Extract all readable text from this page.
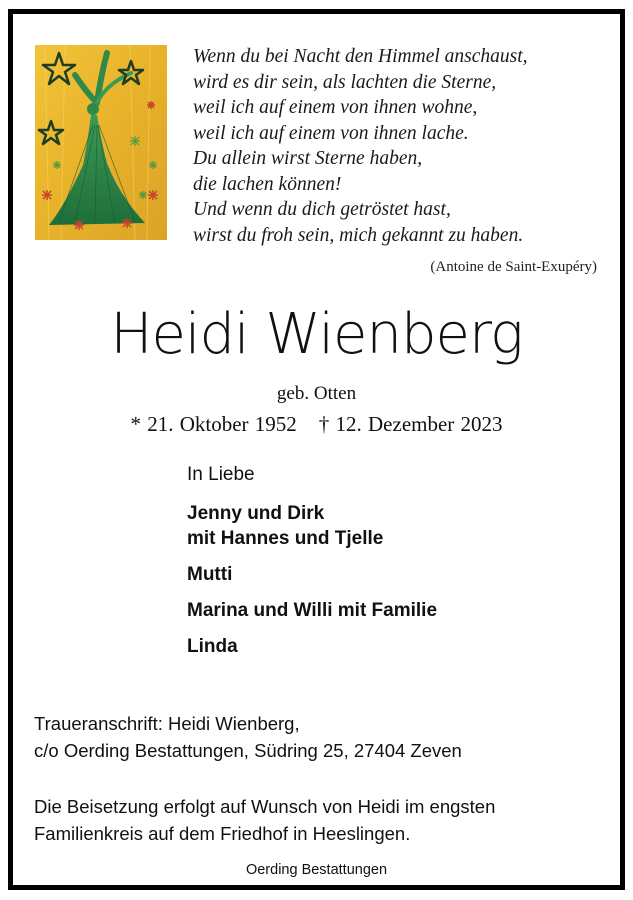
Wenn du bei Nacht den Himmel anschaust,
wird es dir sein, als lachten die Sterne,
weil ich auf einem von ihnen wohne,
weil ich auf einem von ihnen lache.
Du allein wirst Sterne haben,
die lachen können!
Und wenn du dich getröstet hast,
wirst du froh sein, mich gekannt zu haben.
(Antoine de Saint-Exupéry)
Heidi Wienberg
geb. Otten
* 21. Oktober 1952 † 12. Dezember 2023
In Liebe
Jenny und Dirk
mit Hannes und Tjelle
Mutti
Marina und Willi mit Familie
Linda
Traueranschrift: Heidi Wienberg,
c/o Oerding Bestattungen, Südring 25, 27404 Zeven
Die Beisetzung erfolgt auf Wunsch von Heidi im engsten
Familienkreis auf dem Friedhof in Heeslingen.
Oerding Bestattungen
